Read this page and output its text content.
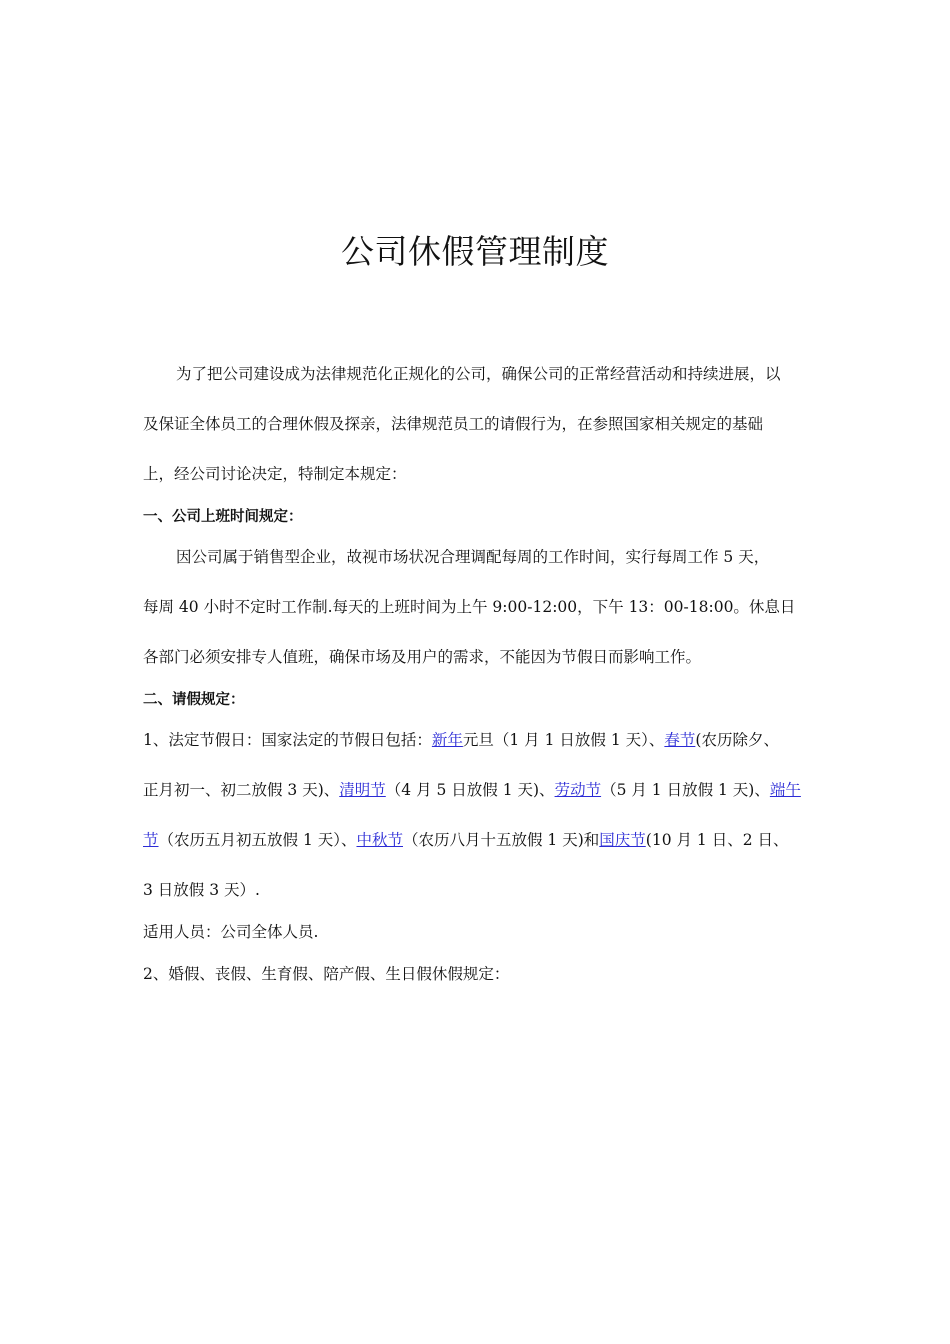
公司休假管理制度
为了把公司建设成为法律规范化正规化的公司，确保公司的正常经营活动和持续进展，以
及保证全体员工的合理休假及探亲，法律规范员工的请假行为，在参照国家相关规定的基础
上，经公司讨论决定，特制定本规定：
一、公司上班时间规定：
因公司属于销售型企业，故视市场状况合理调配每周的工作时间，实行每周工作 5 天，
每周 40 小时不定时工作制.每天的上班时间为上午 9:00-12:00，下午 13：00-18:00。休息日
各部门必须安排专人值班，确保市场及用户的需求，不能因为节假日而影响工作。
二、请假规定：
1、法定节假日：国家法定的节假日包括：新年元旦（1 月 1 日放假 1 天）、春节(农历除夕、
正月初一、初二放假 3 天)、清明节（4 月 5 日放假 1 天)、劳动节（5 月 1 日放假 1 天)、端午
节（农历五月初五放假 1 天）、中秋节（农历八月十五放假 1 天)和国庆节(10 月 1 日、2 日、
3 日放假 3 天）.
适用人员：公司全体人员.
2、婚假、丧假、生育假、陪产假、生日假休假规定：
